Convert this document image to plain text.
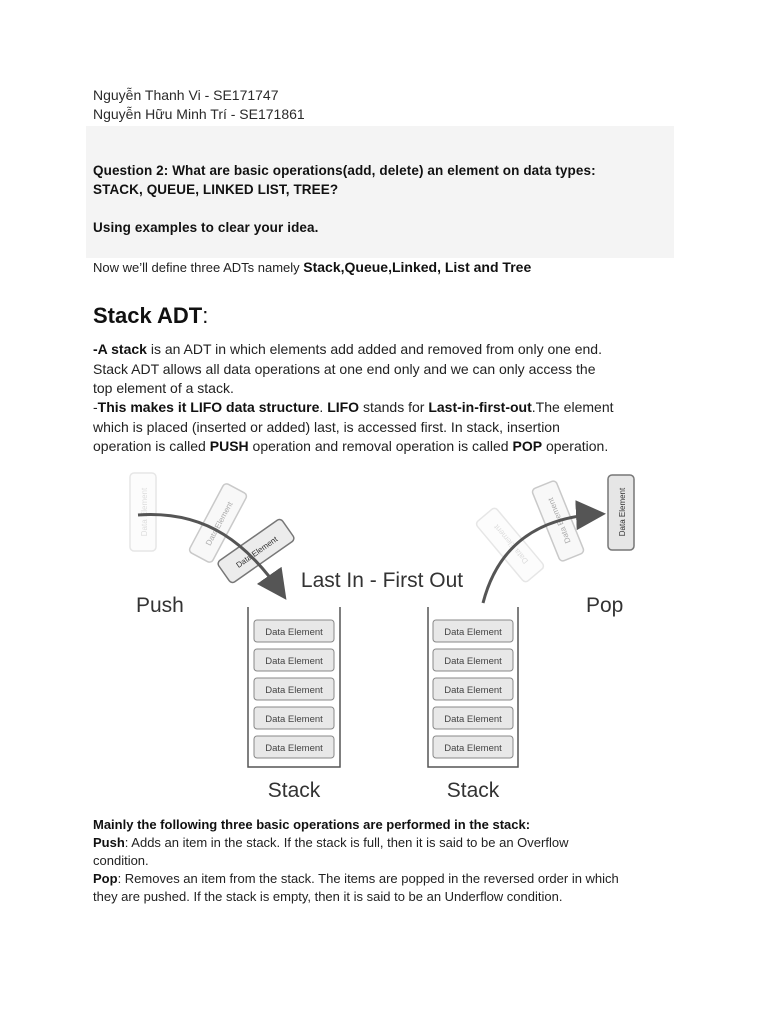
Nguyễn Thanh Vi - SE171747
Nguyễn Hữu Minh Trí - SE171861
Question 2: What are basic operations(add, delete) an element on data types:
STACK, QUEUE, LINKED LIST, TREE?
Using examples to clear your idea.
Now we’ll define three ADTs namely Stack,Queue,Linked, List and Tree
Stack ADT:
-A stack is an ADT in which elements add added and removed from only one end.
Stack ADT allows all data operations at one end only and we can only access the
top element of a stack.
-This makes it LIFO data structure. LIFO stands for Last-in-first-out.The element
which is placed (inserted or added) last, is accessed first. In stack, insertion
operation is called PUSH operation and removal operation is called POP operation.
Data Element	Data Element
Data Element	Data Element Data Element	Data Element
Last In - First Out
Push	Pop
Data Element
Data Element
Data Element
Data Element
Data Element
Stack
Data Element
Data Element
Data Element
Data Element
Data Element
Stack
Mainly the following three basic operations are performed in the stack:
Push: Adds an item in the stack. If the stack is full, then it is said to be an Overflow
condition.
Pop: Removes an item from the stack. The items are popped in the reversed order in which
they are pushed. If the stack is empty, then it is said to be an Underflow condition.
